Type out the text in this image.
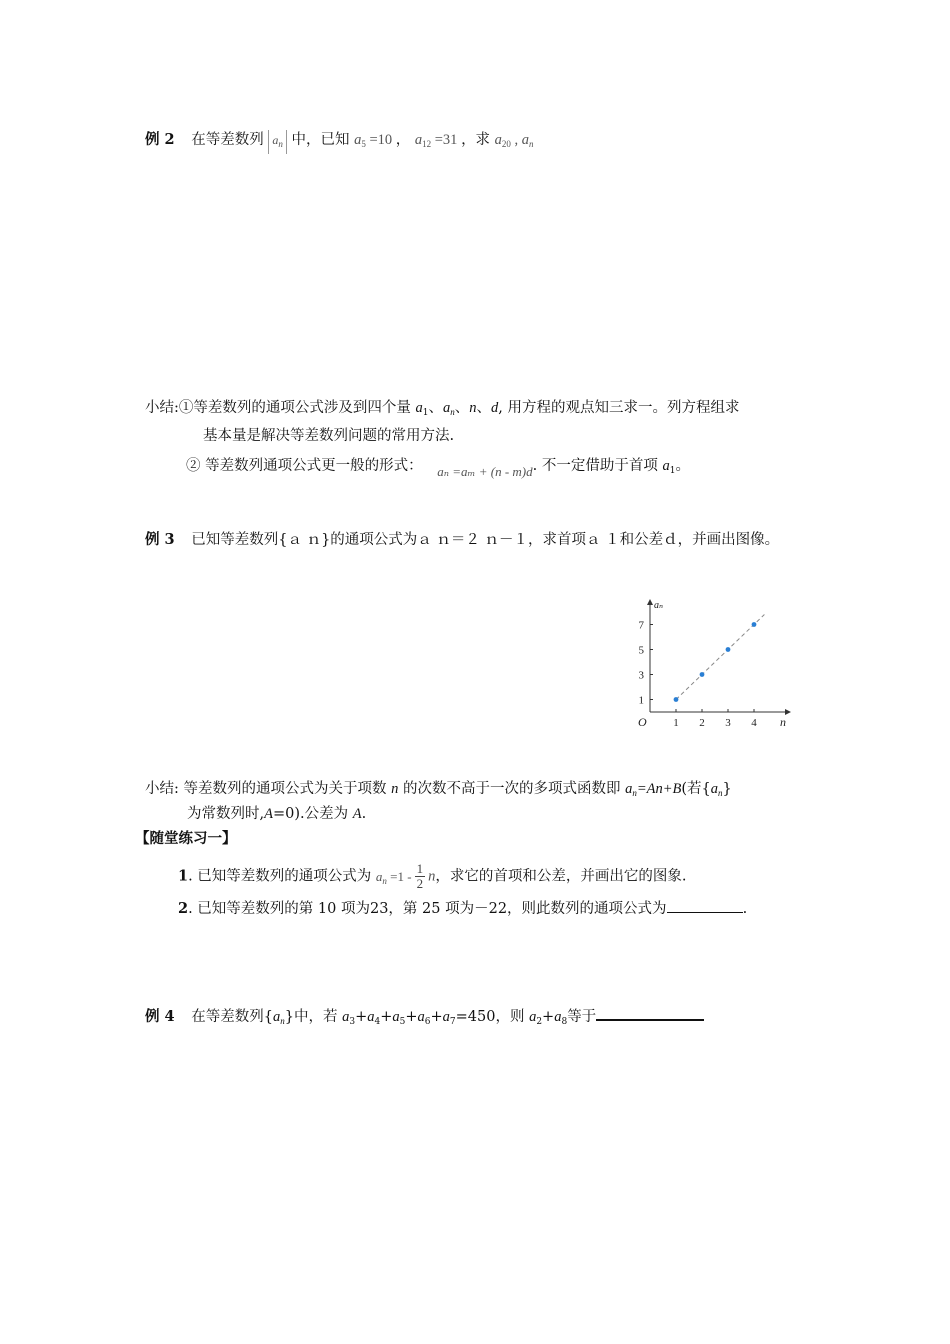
例 2 在等差数列 $a_n$ 中，已知 $a_5 =10$ ， $a_{12} =31$ ，求 $a_{20}$ , $a_n$
小结:①等差数列的通项公式涉及到四个量 $a_1$、$a_n$、n、d, 用方程的观点知三求一。列方程组求
基本量是解决等差数列问题的常用方法.
② 等差数列通项公式更一般的形式： aₙ =aₘ + (n - m)d. 不一定借助于首项 $a_1$。
例 3 已知等差数列{ａ ｎ}的通项公式为ａ ｎ＝２ ｎ－１，求首项ａ １和公差ｄ，并画出图像。
aₙ
n
O 1 2 3 4
1
3
5
7
小结: 等差数列的通项公式为关于项数 n 的次数不高于一次的多项式函数即 $a_n=An+B$(若$\{a_n\}$
为常数列时,A=0).公差为 A.
【随堂练习一】
1. 已知等差数列的通项公式为 $a_n =1 - \frac{1}{2}$ n，求它的首项和公差，并画出它的图象.
2. 已知等差数列的第 10 项为23，第 25 项为－22，则此数列的通项公式为	.
例 4 在等差数列$\{a_n\}$中，若 $a_3+a_4+a_5+a_6+a_7=450$，则 $a_2+a_8$等于
